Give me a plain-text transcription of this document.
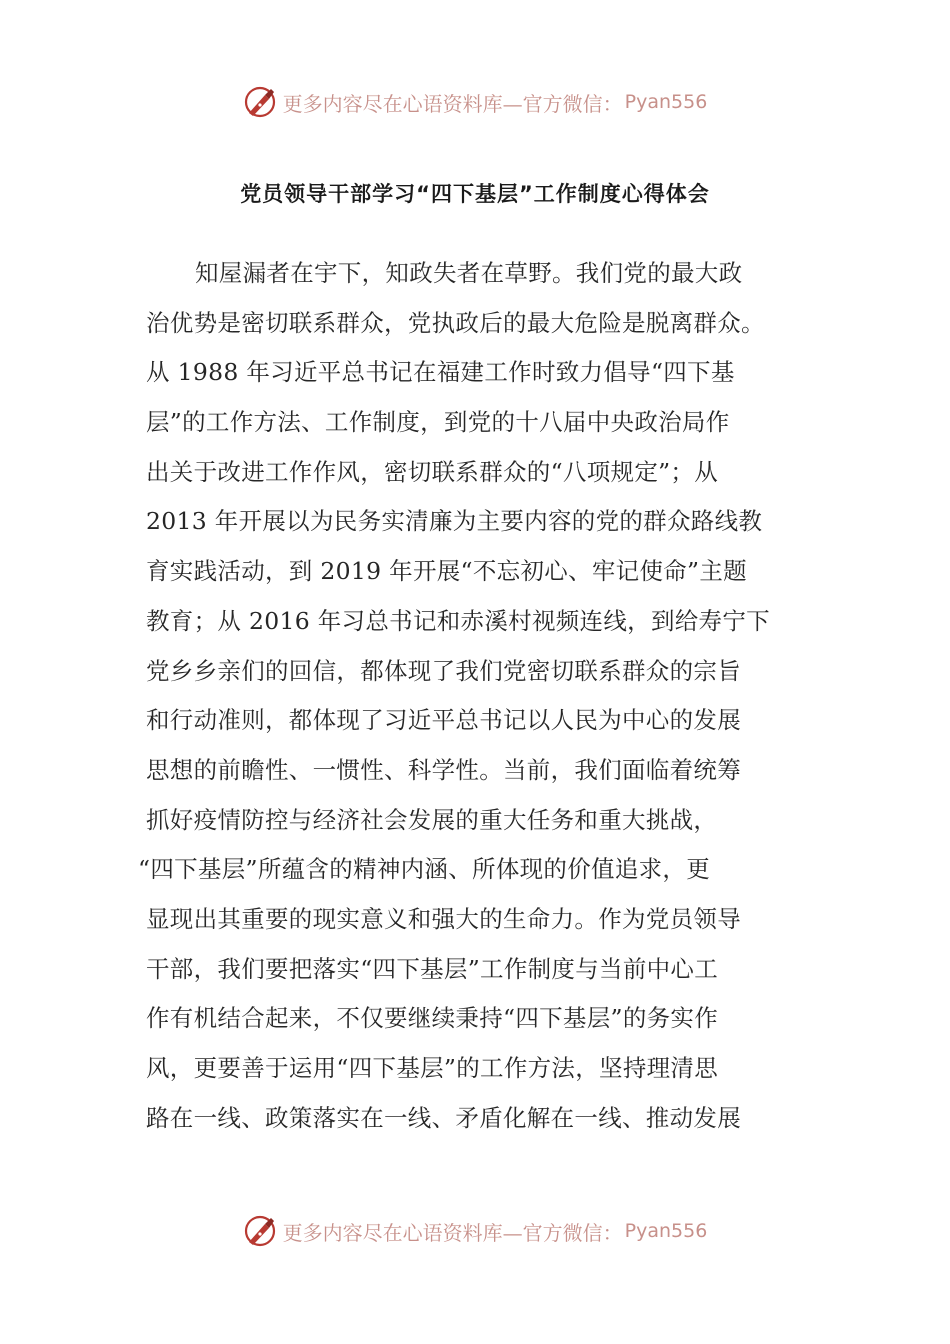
更多内容尽在心语资料库—官方微信： Pyan556
党员领导干部学习“四下基层”工作制度心得体会
知屋漏者在宇下，知政失者在草野。我们党的最大政
治优势是密切联系群众，党执政后的最大危险是脱离群众。
从 1988 年习近平总书记在福建工作时致力倡导“四下基
层”的工作方法、工作制度，到党的十八届中央政治局作
出关于改进工作作风，密切联系群众的“八项规定”；从
2013 年开展以为民务实清廉为主要内容的党的群众路线教
育实践活动，到 2019 年开展“不忘初心、牢记使命”主题
教育；从 2016 年习总书记和赤溪村视频连线，到给寿宁下
党乡乡亲们的回信，都体现了我们党密切联系群众的宗旨
和行动准则，都体现了习近平总书记以人民为中心的发展
思想的前瞻性、一惯性、科学性。当前，我们面临着统筹
抓好疫情防控与经济社会发展的重大任务和重大挑战，
“四下基层”所蕴含的精神内涵、所体现的价值追求，更
显现出其重要的现实意义和强大的生命力。作为党员领导
干部，我们要把落实“四下基层”工作制度与当前中心工
作有机结合起来，不仅要继续秉持“四下基层”的务实作
风，更要善于运用“四下基层”的工作方法，坚持理清思
路在一线、政策落实在一线、矛盾化解在一线、推动发展
更多内容尽在心语资料库—官方微信： Pyan556
